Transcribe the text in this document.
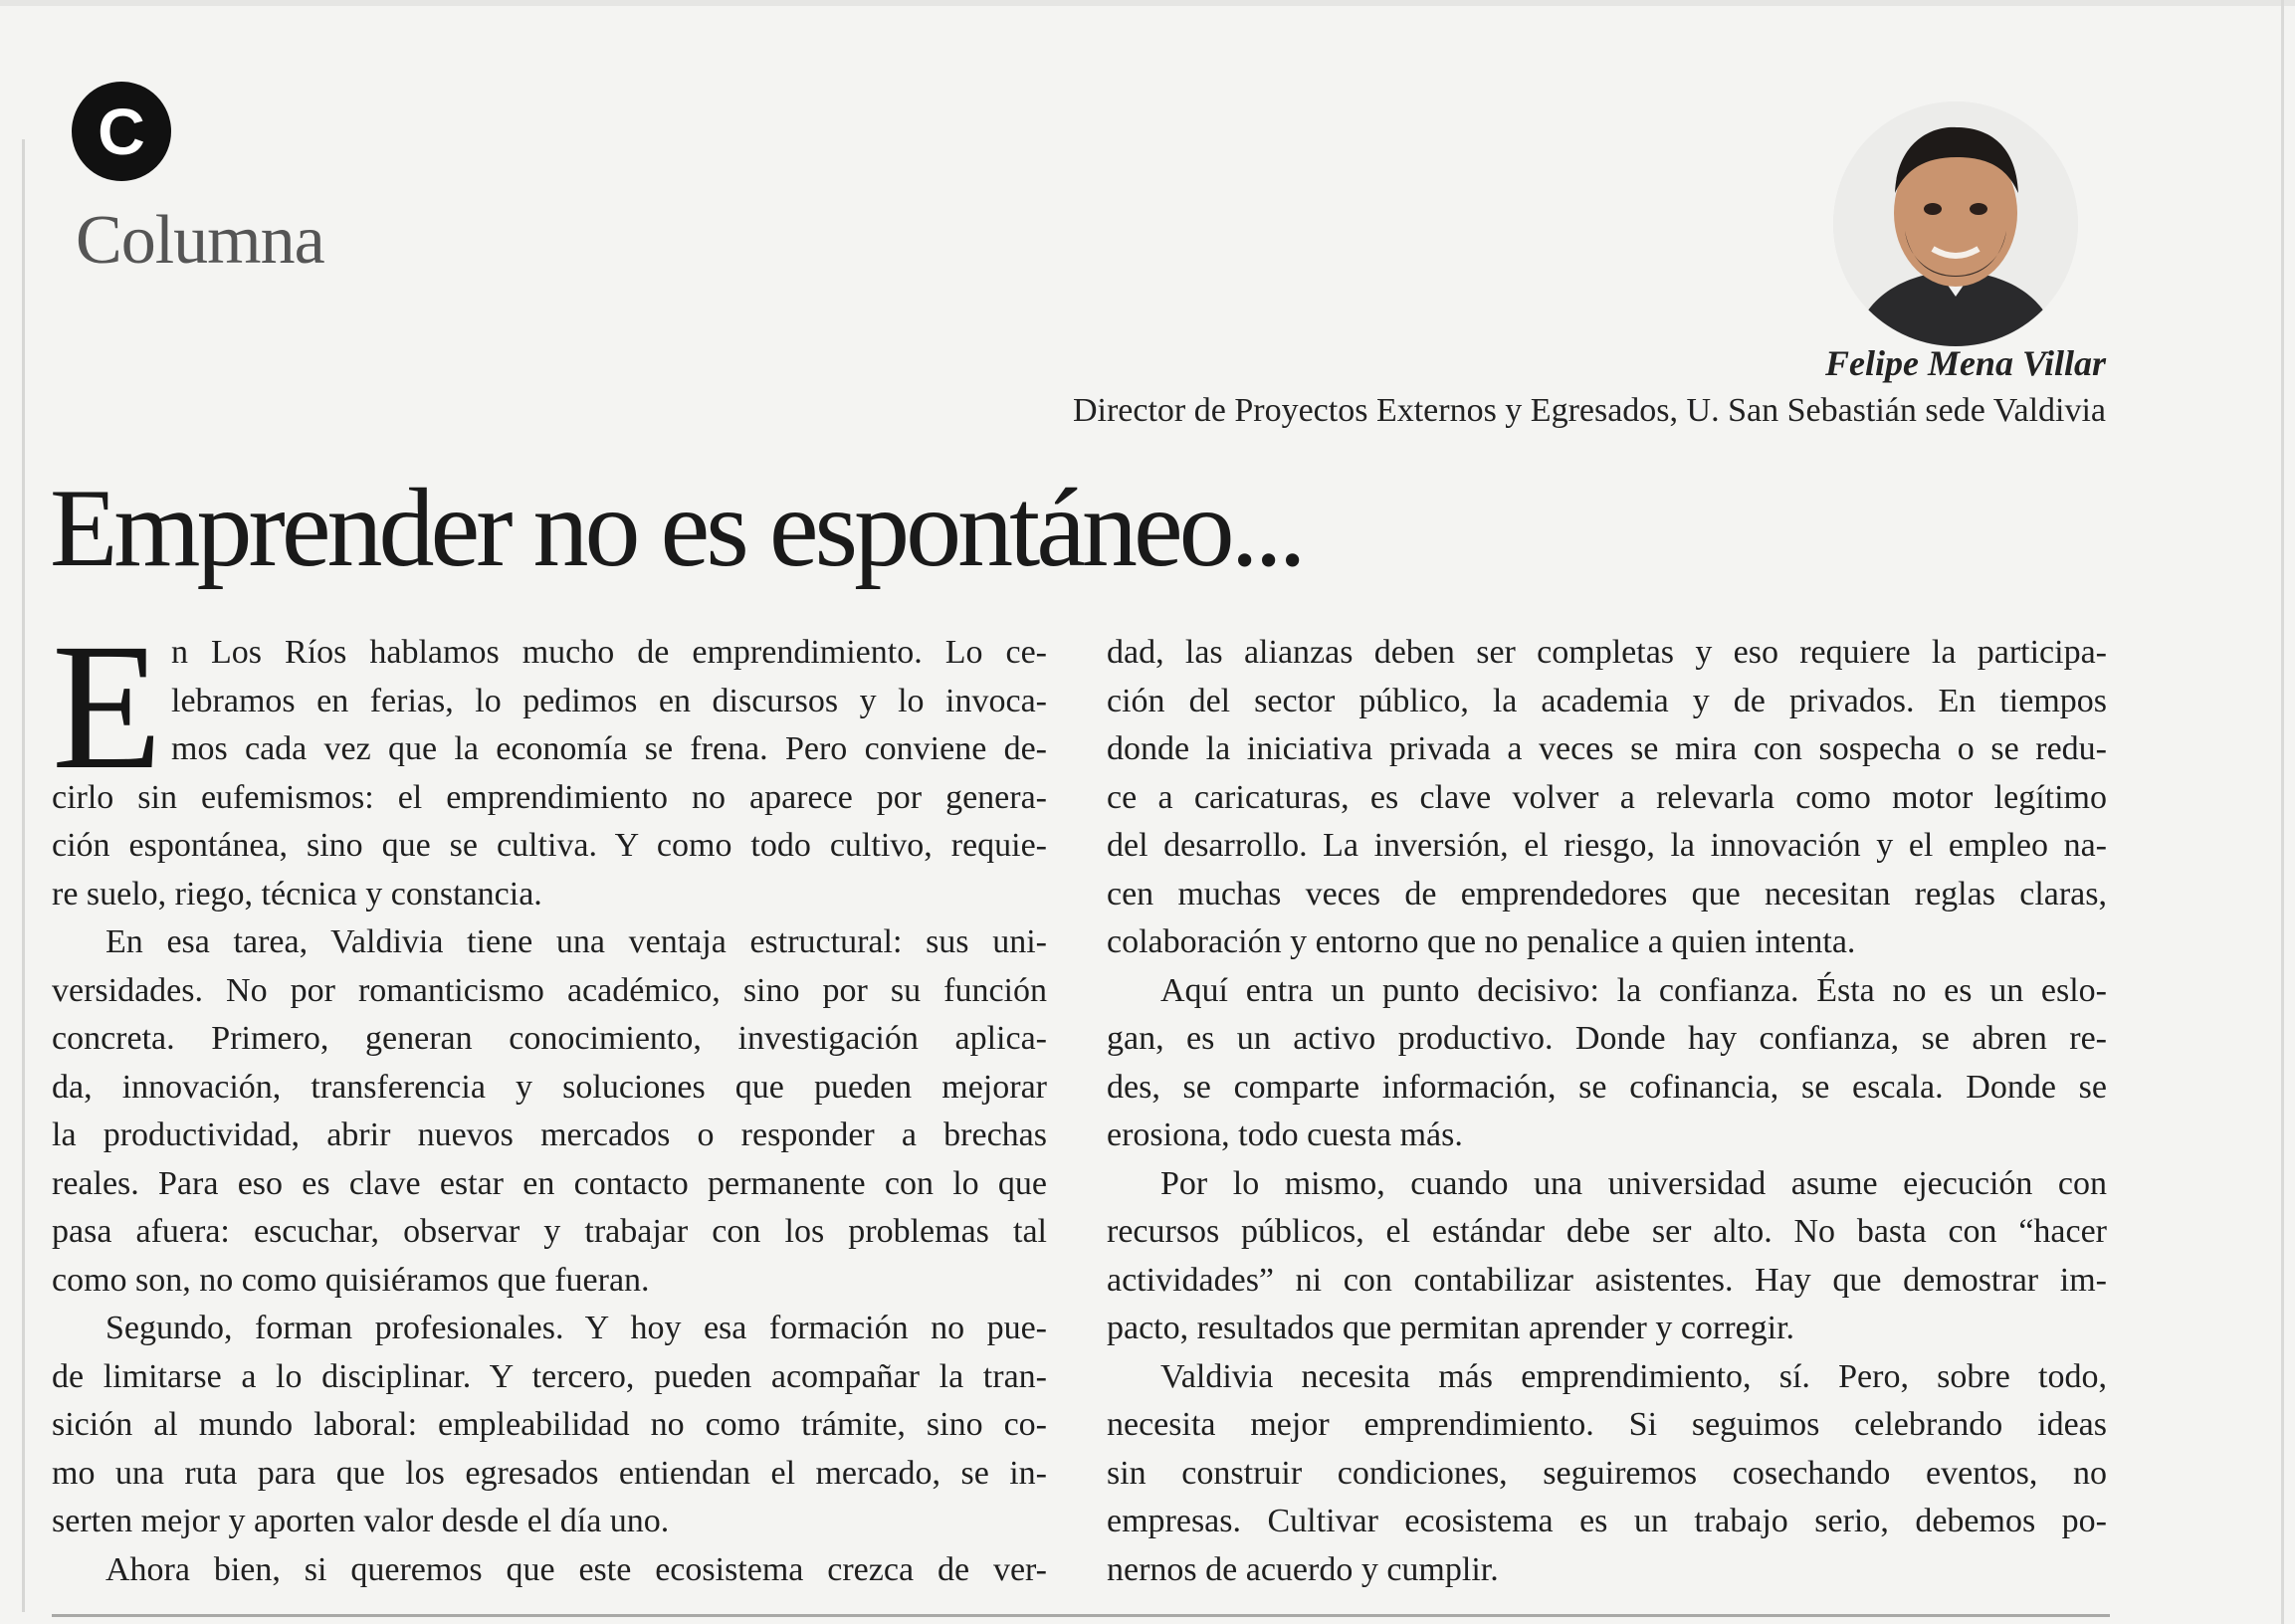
C
Columna
Felipe Mena Villar
Director de Proyectos Externos y Egresados, U. San Sebastián sede Valdivia
Emprender no es espontáneo...
E n Los Ríos hablamos mucho de emprendimiento. Lo ce-
lebramos en ferias, lo pedimos en discursos y lo invoca-
mos cada vez que la economía se frena. Pero conviene de-
cirlo sin eufemismos: el emprendimiento no aparece por genera-
ción espontánea, sino que se cultiva. Y como todo cultivo, requie-
re suelo, riego, técnica y constancia.
En esa tarea, Valdivia tiene una ventaja estructural: sus uni-
versidades. No por romanticismo académico, sino por su función
concreta. Primero, generan conocimiento, investigación aplica-
da, innovación, transferencia y soluciones que pueden mejorar
la productividad, abrir nuevos mercados o responder a brechas
reales. Para eso es clave estar en contacto permanente con lo que
pasa afuera: escuchar, observar y trabajar con los problemas tal
como son, no como quisiéramos que fueran.
Segundo, forman profesionales. Y hoy esa formación no pue-
de limitarse a lo disciplinar. Y tercero, pueden acompañar la tran-
sición al mundo laboral: empleabilidad no como trámite, sino co-
mo una ruta para que los egresados entiendan el mercado, se in-
serten mejor y aporten valor desde el día uno.
Ahora bien, si queremos que este ecosistema crezca de ver-
dad, las alianzas deben ser completas y eso requiere la participa-
ción del sector público, la academia y de privados. En tiempos
donde la iniciativa privada a veces se mira con sospecha o se redu-
ce a caricaturas, es clave volver a relevarla como motor legítimo
del desarrollo. La inversión, el riesgo, la innovación y el empleo na-
cen muchas veces de emprendedores que necesitan reglas claras,
colaboración y entorno que no penalice a quien intenta.
Aquí entra un punto decisivo: la confianza. Ésta no es un eslo-
gan, es un activo productivo. Donde hay confianza, se abren re-
des, se comparte información, se cofinancia, se escala. Donde se
erosiona, todo cuesta más.
Por lo mismo, cuando una universidad asume ejecución con
recursos públicos, el estándar debe ser alto. No basta con “hacer
actividades” ni con contabilizar asistentes. Hay que demostrar im-
pacto, resultados que permitan aprender y corregir.
Valdivia necesita más emprendimiento, sí. Pero, sobre todo,
necesita mejor emprendimiento. Si seguimos celebrando ideas
sin construir condiciones, seguiremos cosechando eventos, no
empresas. Cultivar ecosistema es un trabajo serio, debemos po-
nernos de acuerdo y cumplir.
